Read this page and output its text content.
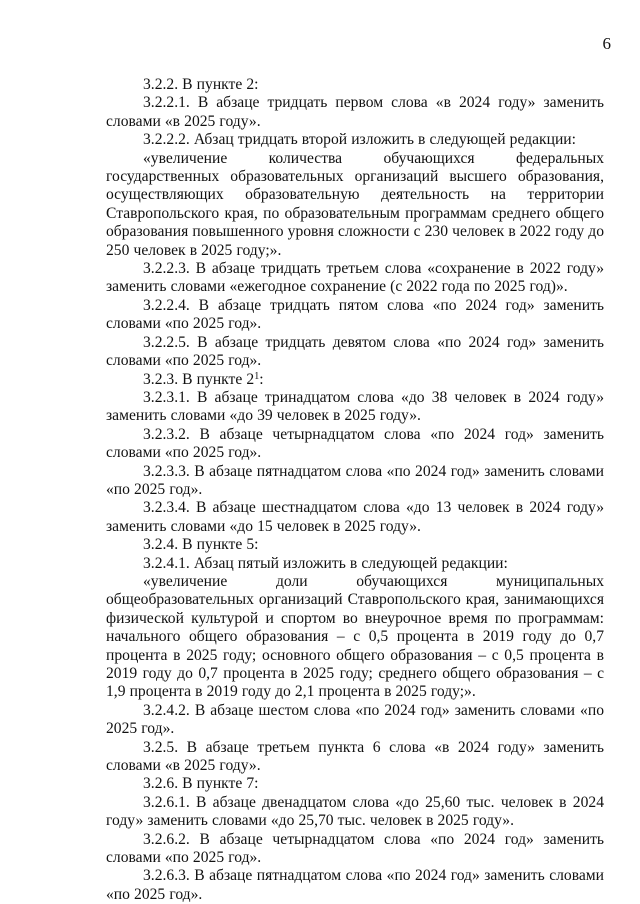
6

3.2.2. В пункте 2:

3.2.2.1. В абзаце тридцать первом слова «в 2024 году» заменить словами «в 2025 году».

3.2.2.2. Абзац тридцать второй изложить в следующей редакции:

«увеличение количества обучающихся федеральных государственных образовательных организаций высшего образования, осуществляющих образовательную деятельность на территории Ставропольского края, по образовательным программам среднего общего образования повышенного уровня сложности с 230 человек в 2022 году до 250 человек в 2025 году;».

3.2.2.3. В абзаце тридцать третьем слова «сохранение в 2022 году» заменить словами «ежегодное сохранение (с 2022 года по 2025 год)».

3.2.2.4. В абзаце тридцать пятом слова «по 2024 год» заменить словами «по 2025 год».

3.2.2.5. В абзаце тридцать девятом слова «по 2024 год» заменить словами «по 2025 год».

3.2.3. В пункте $2^1$:

3.2.3.1. В абзаце тринадцатом слова «до 38 человек в 2024 году» заменить словами «до 39 человек в 2025 году».

3.2.3.2. В абзаце четырнадцатом слова «по 2024 год» заменить словами «по 2025 год».

3.2.3.3. В абзаце пятнадцатом слова «по 2024 год» заменить словами «по 2025 год».

3.2.3.4. В абзаце шестнадцатом слова «до 13 человек в 2024 году» заменить словами «до 15 человек в 2025 году».

3.2.4. В пункте 5:

3.2.4.1. Абзац пятый изложить в следующей редакции:

«увеличение доли обучающихся муниципальных общеобразовательных организаций Ставропольского края, занимающихся физической культурой и спортом во внеурочное время по программам: начального общего образования – с 0,5 процента в 2019 году до 0,7 процента в 2025 году; основного общего образования – с 0,5 процента в 2019 году до 0,7 процента в 2025 году; среднего общего образования – с 1,9 процента в 2019 году до 2,1 процента в 2025 году;».

3.2.4.2. В абзаце шестом слова «по 2024 год» заменить словами «по 2025 год».

3.2.5. В абзаце третьем пункта 6 слова «в 2024 году» заменить словами «в 2025 году».

3.2.6. В пункте 7:

3.2.6.1. В абзаце двенадцатом слова «до 25,60 тыс. человек в 2024 году» заменить словами «до 25,70 тыс. человек в 2025 году».

3.2.6.2. В абзаце четырнадцатом слова «по 2024 год» заменить словами «по 2025 год».

3.2.6.3. В абзаце пятнадцатом слова «по 2024 год» заменить словами «по 2025 год».
